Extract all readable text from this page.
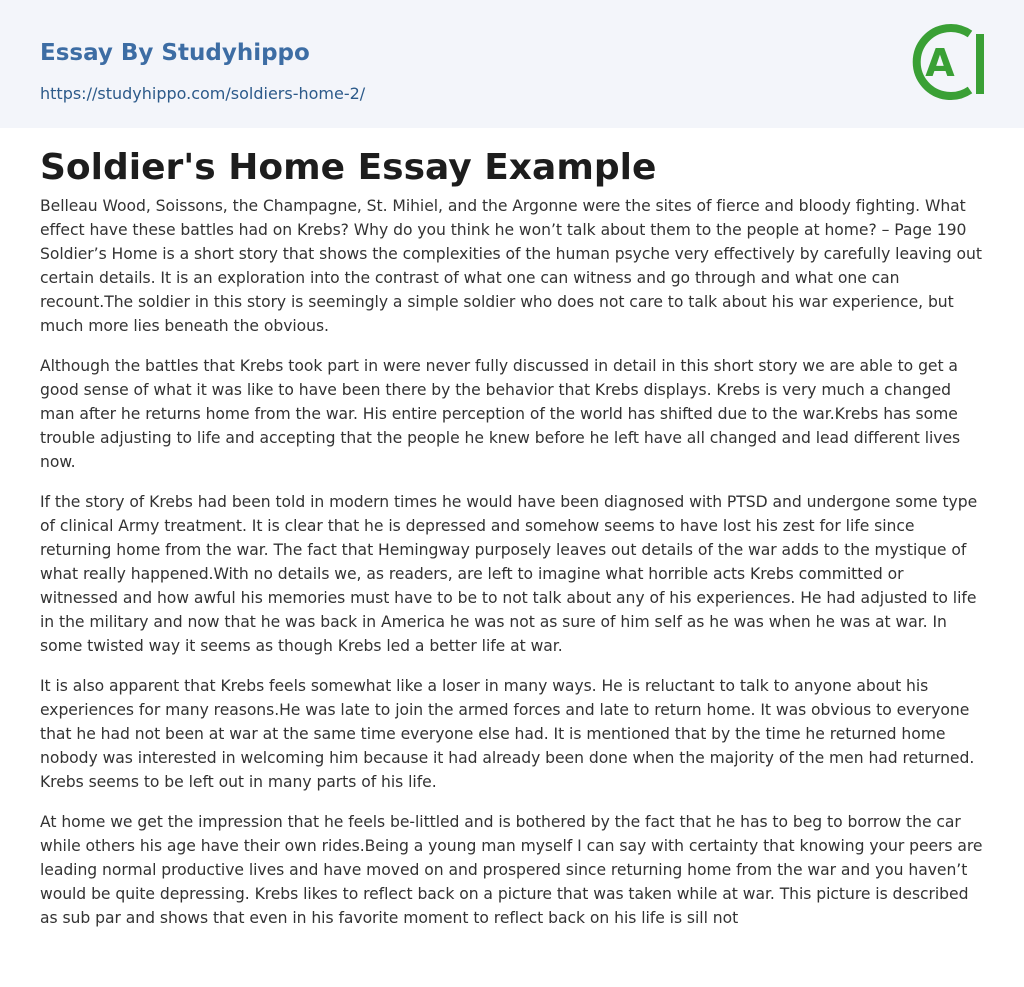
Essay By Studyhippo
https://studyhippo.com/soldiers-home-2/
A
Soldier's Home Essay Example

Belleau Wood, Soissons, the Champagne, St. Mihiel, and the Argonne were the sites of fierce and bloody fighting. What effect have these battles had on Krebs? Why do you think he won’t talk about them to the people at home? – Page 190 Soldier’s Home is a short story that shows the complexities of the human psyche very effectively by carefully leaving out certain details. It is an exploration into the contrast of what one can witness and go through and what one can recount.The soldier in this story is seemingly a simple soldier who does not care to talk about his war experience, but much more lies beneath the obvious.

Although the battles that Krebs took part in were never fully discussed in detail in this short story we are able to get a good sense of what it was like to have been there by the behavior that Krebs displays. Krebs is very much a changed man after he returns home from the war. His entire perception of the world has shifted due to the war.Krebs has some trouble adjusting to life and accepting that the people he knew before he left have all changed and lead different lives now.

If the story of Krebs had been told in modern times he would have been diagnosed with PTSD and undergone some type of clinical Army treatment. It is clear that he is depressed and somehow seems to have lost his zest for life since returning home from the war. The fact that Hemingway purposely leaves out details of the war adds to the mystique of what really happened.With no details we, as readers, are left to imagine what horrible acts Krebs committed or witnessed and how awful his memories must have to be to not talk about any of his experiences. He had adjusted to life in the military and now that he was back in America he was not as sure of him self as he was when he was at war. In some twisted way it seems as though Krebs led a better life at war.

It is also apparent that Krebs feels somewhat like a loser in many ways. He is reluctant to talk to anyone about his experiences for many reasons.He was late to join the armed forces and late to return home. It was obvious to everyone that he had not been at war at the same time everyone else had. It is mentioned that by the time he returned home nobody was interested in welcoming him because it had already been done when the majority of the men had returned. Krebs seems to be left out in many parts of his life.

At home we get the impression that he feels be-littled and is bothered by the fact that he has to beg to borrow the car while others his age have their own rides.Being a young man myself I can say with certainty that knowing your peers are leading normal productive lives and have moved on and prospered since returning home from the war and you haven’t would be quite depressing. Krebs likes to reflect back on a picture that was taken while at war. This picture is described as sub par and shows that even in his favorite moment to reflect back on his life is sill not
